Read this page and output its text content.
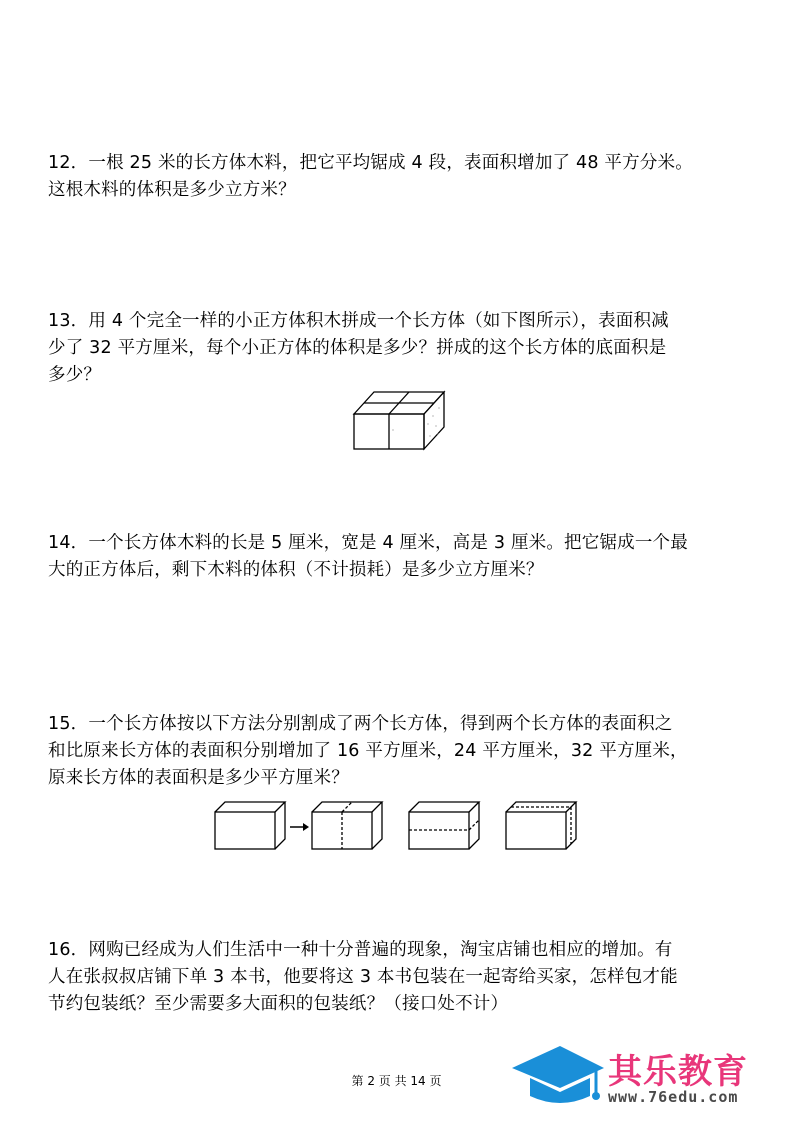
12．一根 25 米的长方体木料，把它平均锯成 4 段，表面积增加了 48 平方分米。

这根木料的体积是多少立方米？

13．用 4 个完全一样的小正方体积木拼成一个长方体（如下图所示），表面积减

少了 32 平方厘米，每个小正方体的体积是多少？拼成的这个长方体的底面积是

多少？

14．一个长方体木料的长是 5 厘米，宽是 4 厘米，高是 3 厘米。把它锯成一个最

大的正方体后，剩下木料的体积（不计损耗）是多少立方厘米？

15．一个长方体按以下方法分别割成了两个长方体，得到两个长方体的表面积之

和比原来长方体的表面积分别增加了 16 平方厘米，24 平方厘米，32 平方厘米，

原来长方体的表面积是多少平方厘米？

16．网购已经成为人们生活中一种十分普遍的现象，淘宝店铺也相应的增加。有

人在张叔叔店铺下单 3 本书，他要将这 3 本书包装在一起寄给买家，怎样包才能

节约包装纸？至少需要多大面积的包装纸？（接口处不计）

第 2 页 共 14 页	其乐教育
www.76edu.com
